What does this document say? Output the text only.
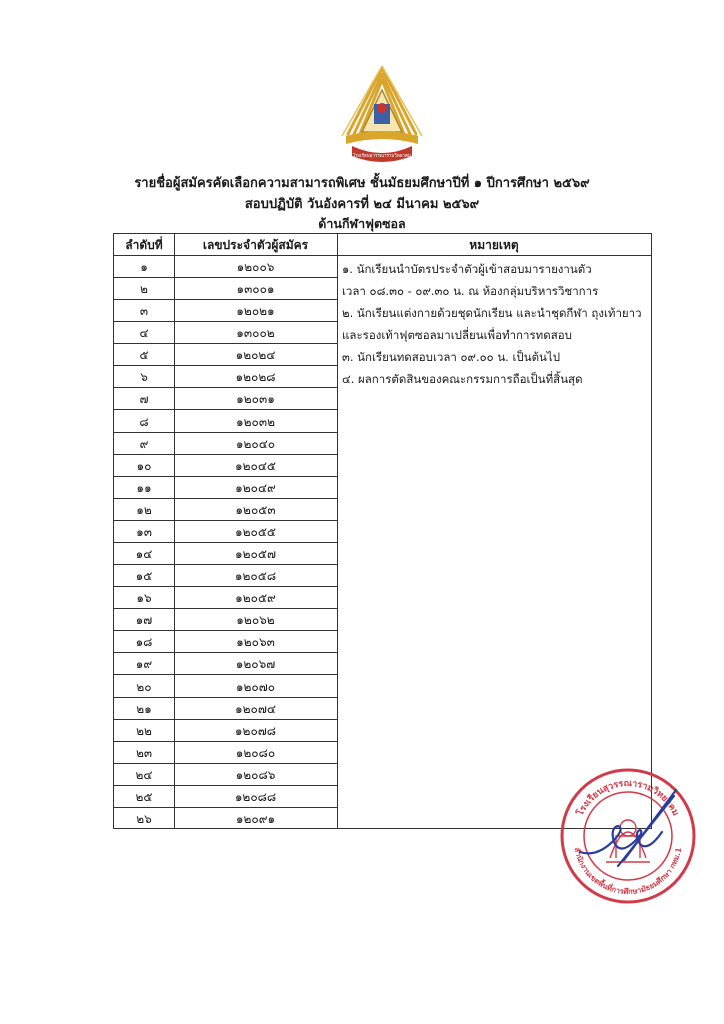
โรงเรียนสุวรรณารามวิทยาคม
รายชื่อผู้สมัครคัดเลือกความสามารถพิเศษ ชั้นมัธยมศึกษาปีที่ ๑ ปีการศึกษา ๒๕๖๙
สอบปฏิบัติ วันอังคารที่ ๒๔ มีนาคม ๒๕๖๙
ด้านกีฬาฟุตซอล
ลำดับที่	เลขประจำตัวผู้สมัคร	หมายเหตุ
๑	๑๒๐๐๖
๒	๑๓๐๐๑
๓	๑๒๐๒๑
๔	๑๓๐๐๒
๕	๑๒๐๒๔
๖	๑๒๐๒๘
๗	๑๒๐๓๑
๘	๑๒๐๓๒
๙	๑๒๐๔๐
๑๐	๑๒๐๔๕
๑๑	๑๒๐๔๙
๑๒	๑๒๐๕๓
๑๓	๑๒๐๕๕
๑๔	๑๒๐๕๗
๑๕	๑๒๐๕๘
๑๖	๑๒๐๕๙
๑๗	๑๒๐๖๒
๑๘	๑๒๐๖๓
๑๙	๑๒๐๖๗
๒๐	๑๒๐๗๐
๒๑	๑๒๐๗๔
๒๒	๑๒๐๗๘
๒๓	๑๒๐๘๐
๒๔	๑๒๐๘๖
๒๕	๑๒๐๘๘
๒๖	๑๒๐๙๑
๑. นักเรียนนำบัตรประจำตัวผู้เข้าสอบมารายงานตัว
เวลา ๐๘.๓๐ - ๐๙.๓๐ น. ณ ห้องกลุ่มบริหารวิชาการ
๒. นักเรียนแต่งกายด้วยชุดนักเรียน และนำชุดกีฬา ถุงเท้ายาว
และรองเท้าฟุตซอลมาเปลี่ยนเพื่อทำการทดสอบ
๓. นักเรียนทดสอบเวลา ๐๙.๐๐ น. เป็นต้นไป
๔. ผลการตัดสินของคณะกรรมการถือเป็นที่สิ้นสุด
โรงเรียนสุวรรณารามวิทยาคม
สำนักงานเขตพื้นที่การศึกษามัธยมศึกษา กทม.1
